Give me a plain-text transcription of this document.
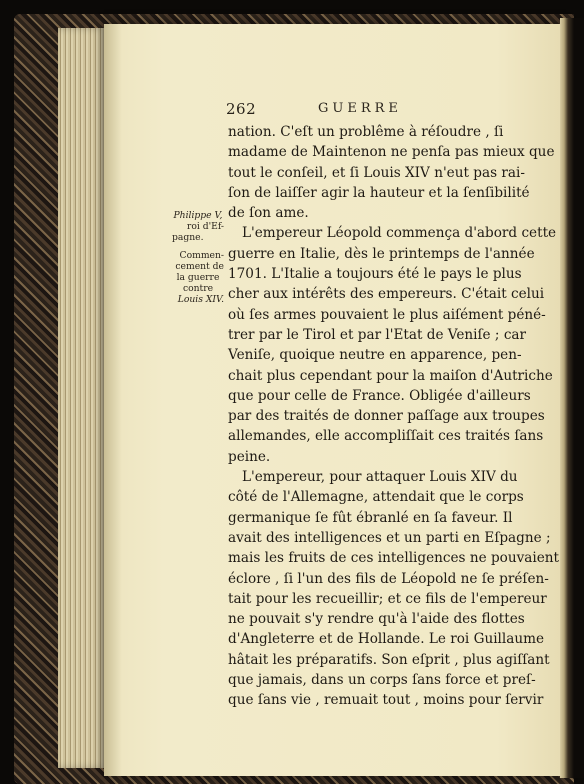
262	GUERRE
Philippe V,
roi d'Ef-
pagne.
Commen-
cement de
la guerre
contre
Louis XIV.
nation. C'eſt un problême à réſoudre , ſi
madame de Maintenon ne penſa pas mieux que
tout le conſeil, et ſi Louis XIV n'eut pas rai-
ſon de laiſſer agir la hauteur et la ſenſibilité
de ſon ame.
L'empereur Léopold commença d'abord cette
guerre en Italie, dès le printemps de l'année
1701. L'Italie a toujours été le pays le plus
cher aux intérêts des empereurs. C'était celui
où ſes armes pouvaient le plus aiſément péné-
trer par le Tirol et par l'Etat de Veniſe ; car
Veniſe, quoique neutre en apparence, pen-
chait plus cependant pour la maiſon d'Autriche
que pour celle de France. Obligée d'ailleurs
par des traités de donner paſſage aux troupes
allemandes, elle accompliſſait ces traités ſans
peine.
L'empereur, pour attaquer Louis XIV du
côté de l'Allemagne, attendait que le corps
germanique ſe fût ébranlé en ſa faveur. Il
avait des intelligences et un parti en Eſpagne ;
mais les fruits de ces intelligences ne pouvaient
éclore , ſi l'un des fils de Léopold ne ſe préſen-
tait pour les recueillir; et ce fils de l'empereur
ne pouvait s'y rendre qu'à l'aide des flottes
d'Angleterre et de Hollande. Le roi Guillaume
hâtait les préparatifs. Son eſprit , plus agiſſant
que jamais, dans un corps ſans force et preſ-
que ſans vie , remuait tout , moins pour ſervir
